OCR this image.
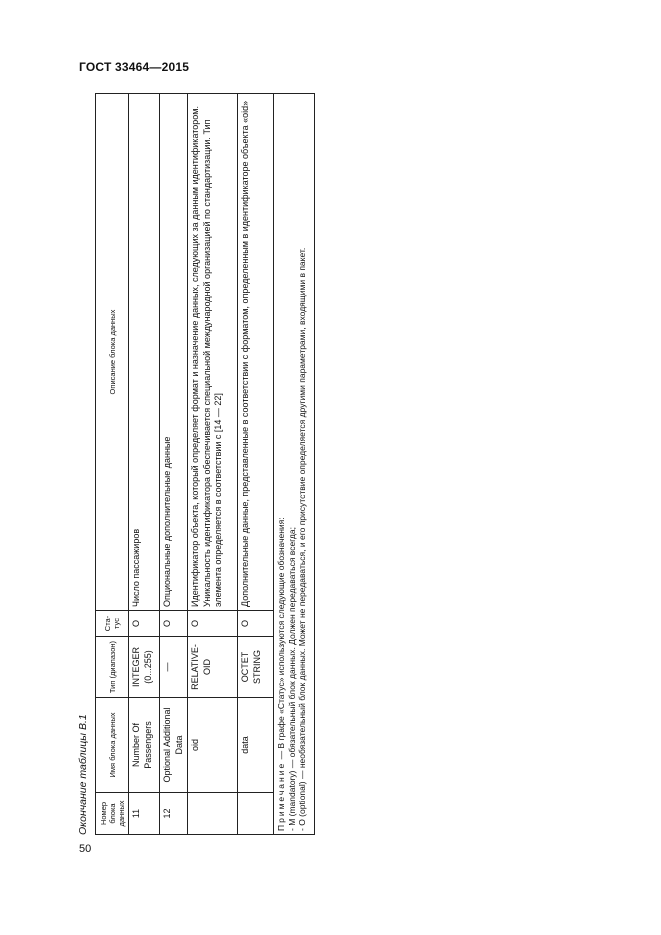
ГОСТ 33464—2015
Окончание таблицы В.1 Номер блока данных	Имя блока данных	Тип (диапазон)	Ста-тус	Описание блока данных
11	Number Of Passengers	INTEGER (0...255)	O	Число пассажиров
12	Optional Additional Data	—	O	Опциональные дополнительные данные
	oid	RELATIVE-OID	O	Идентификатор объекта, который определяет формат и назначение данных, следующих за данным идентификатором. Уникальность идентификатора обеспечивается специальной международной организацией по стандартизации. Тип элемента определяется в соответствии с [14 — 22]
	data	OCTET STRING	O	Дополнительные данные, представленные в соответствии с форматом, определенным в идентификаторе объекта «oid»

Примечание — В графе «Статус» используются следующие обозначения: - M (mandatory) — обязательный блок данных. Должен передаваться всегда; - O (optional) — необязательный блок данных. Может не передаваться, и его присутствие определяется другими параметрами, входящими в пакет.				
50
